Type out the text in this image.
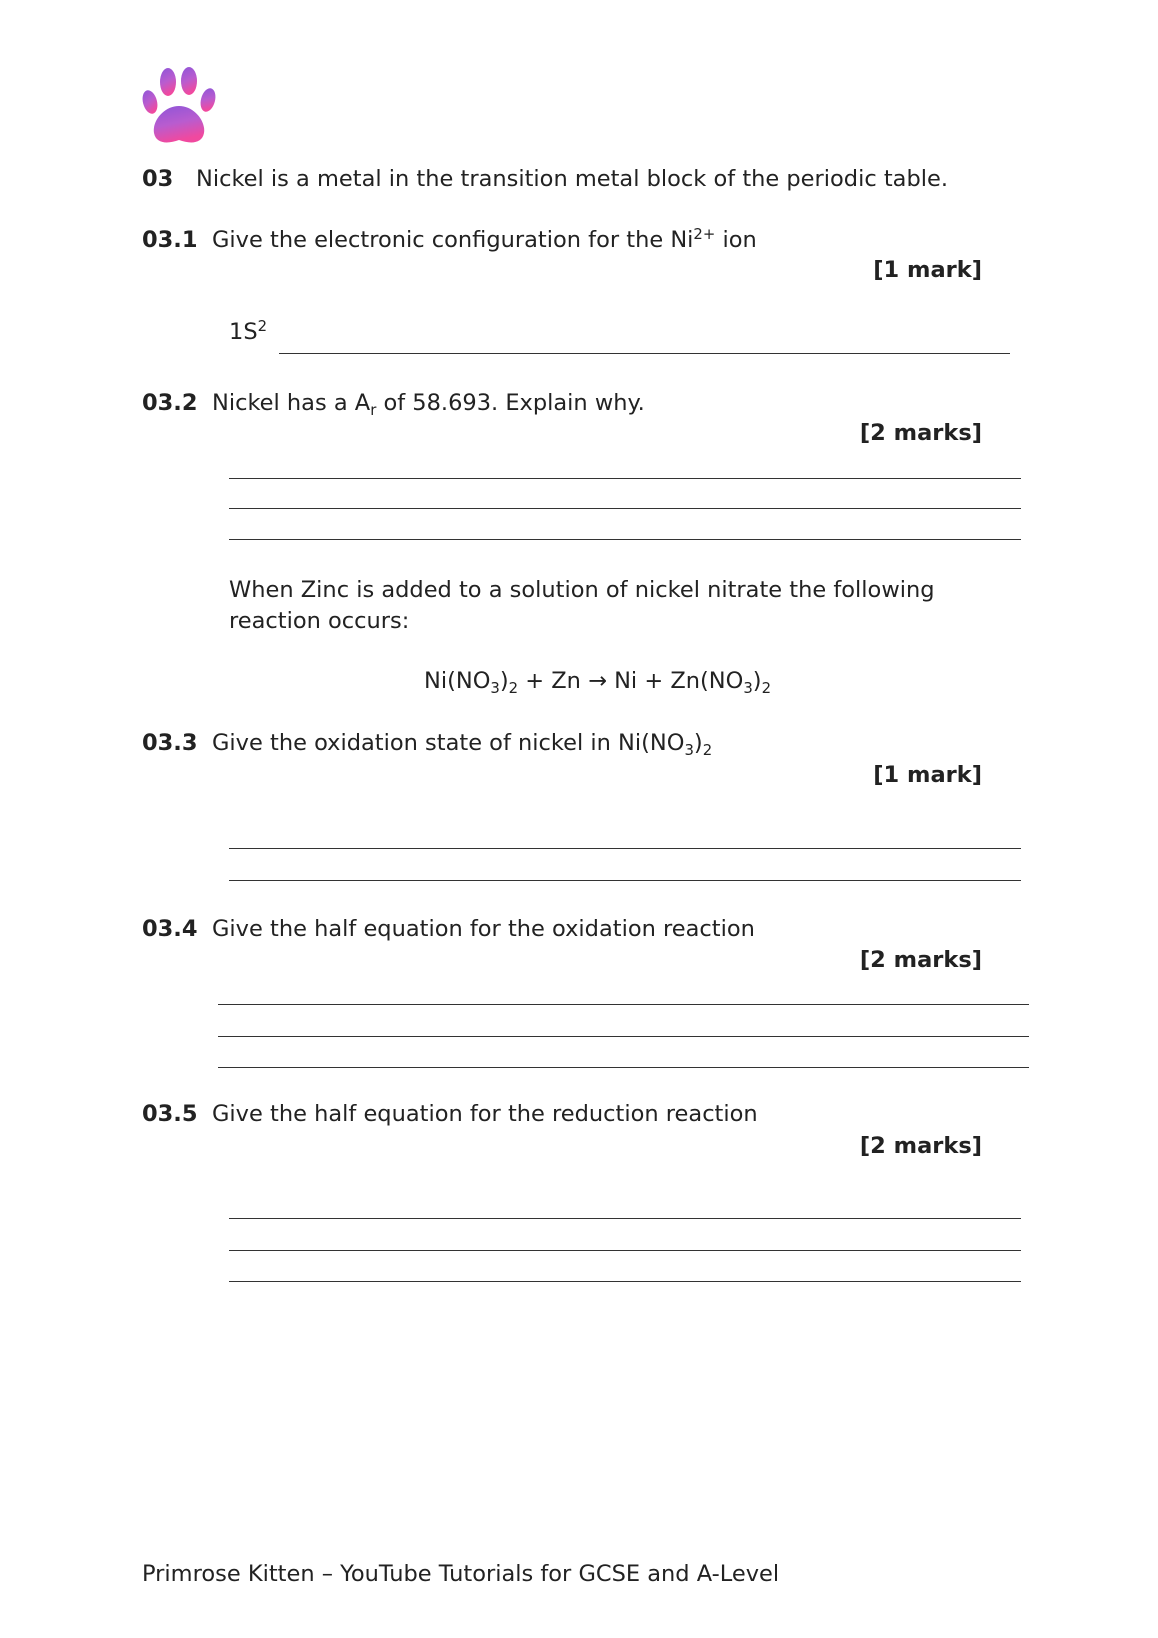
03 Nickel is a metal in the transition metal block of the periodic table.
03.1 Give the electronic configuration for the $Ni^{2+}$ ion
[1 mark]
$1S^2$
03.2 Nickel has a $A_r$ of 58.693. Explain why.
[2 marks]
When Zinc is added to a solution of nickel nitrate the following
reaction occurs:
$Ni(NO_3)_2 + Zn \to Ni + Zn(NO_3)_2$
03.3 Give the oxidation state of nickel in $Ni(NO_3)_2$
[1 mark]
03.4 Give the half equation for the oxidation reaction
[2 marks]
03.5 Give the half equation for the reduction reaction
[2 marks]
Primrose Kitten – YouTube Tutorials for GCSE and A-Level
